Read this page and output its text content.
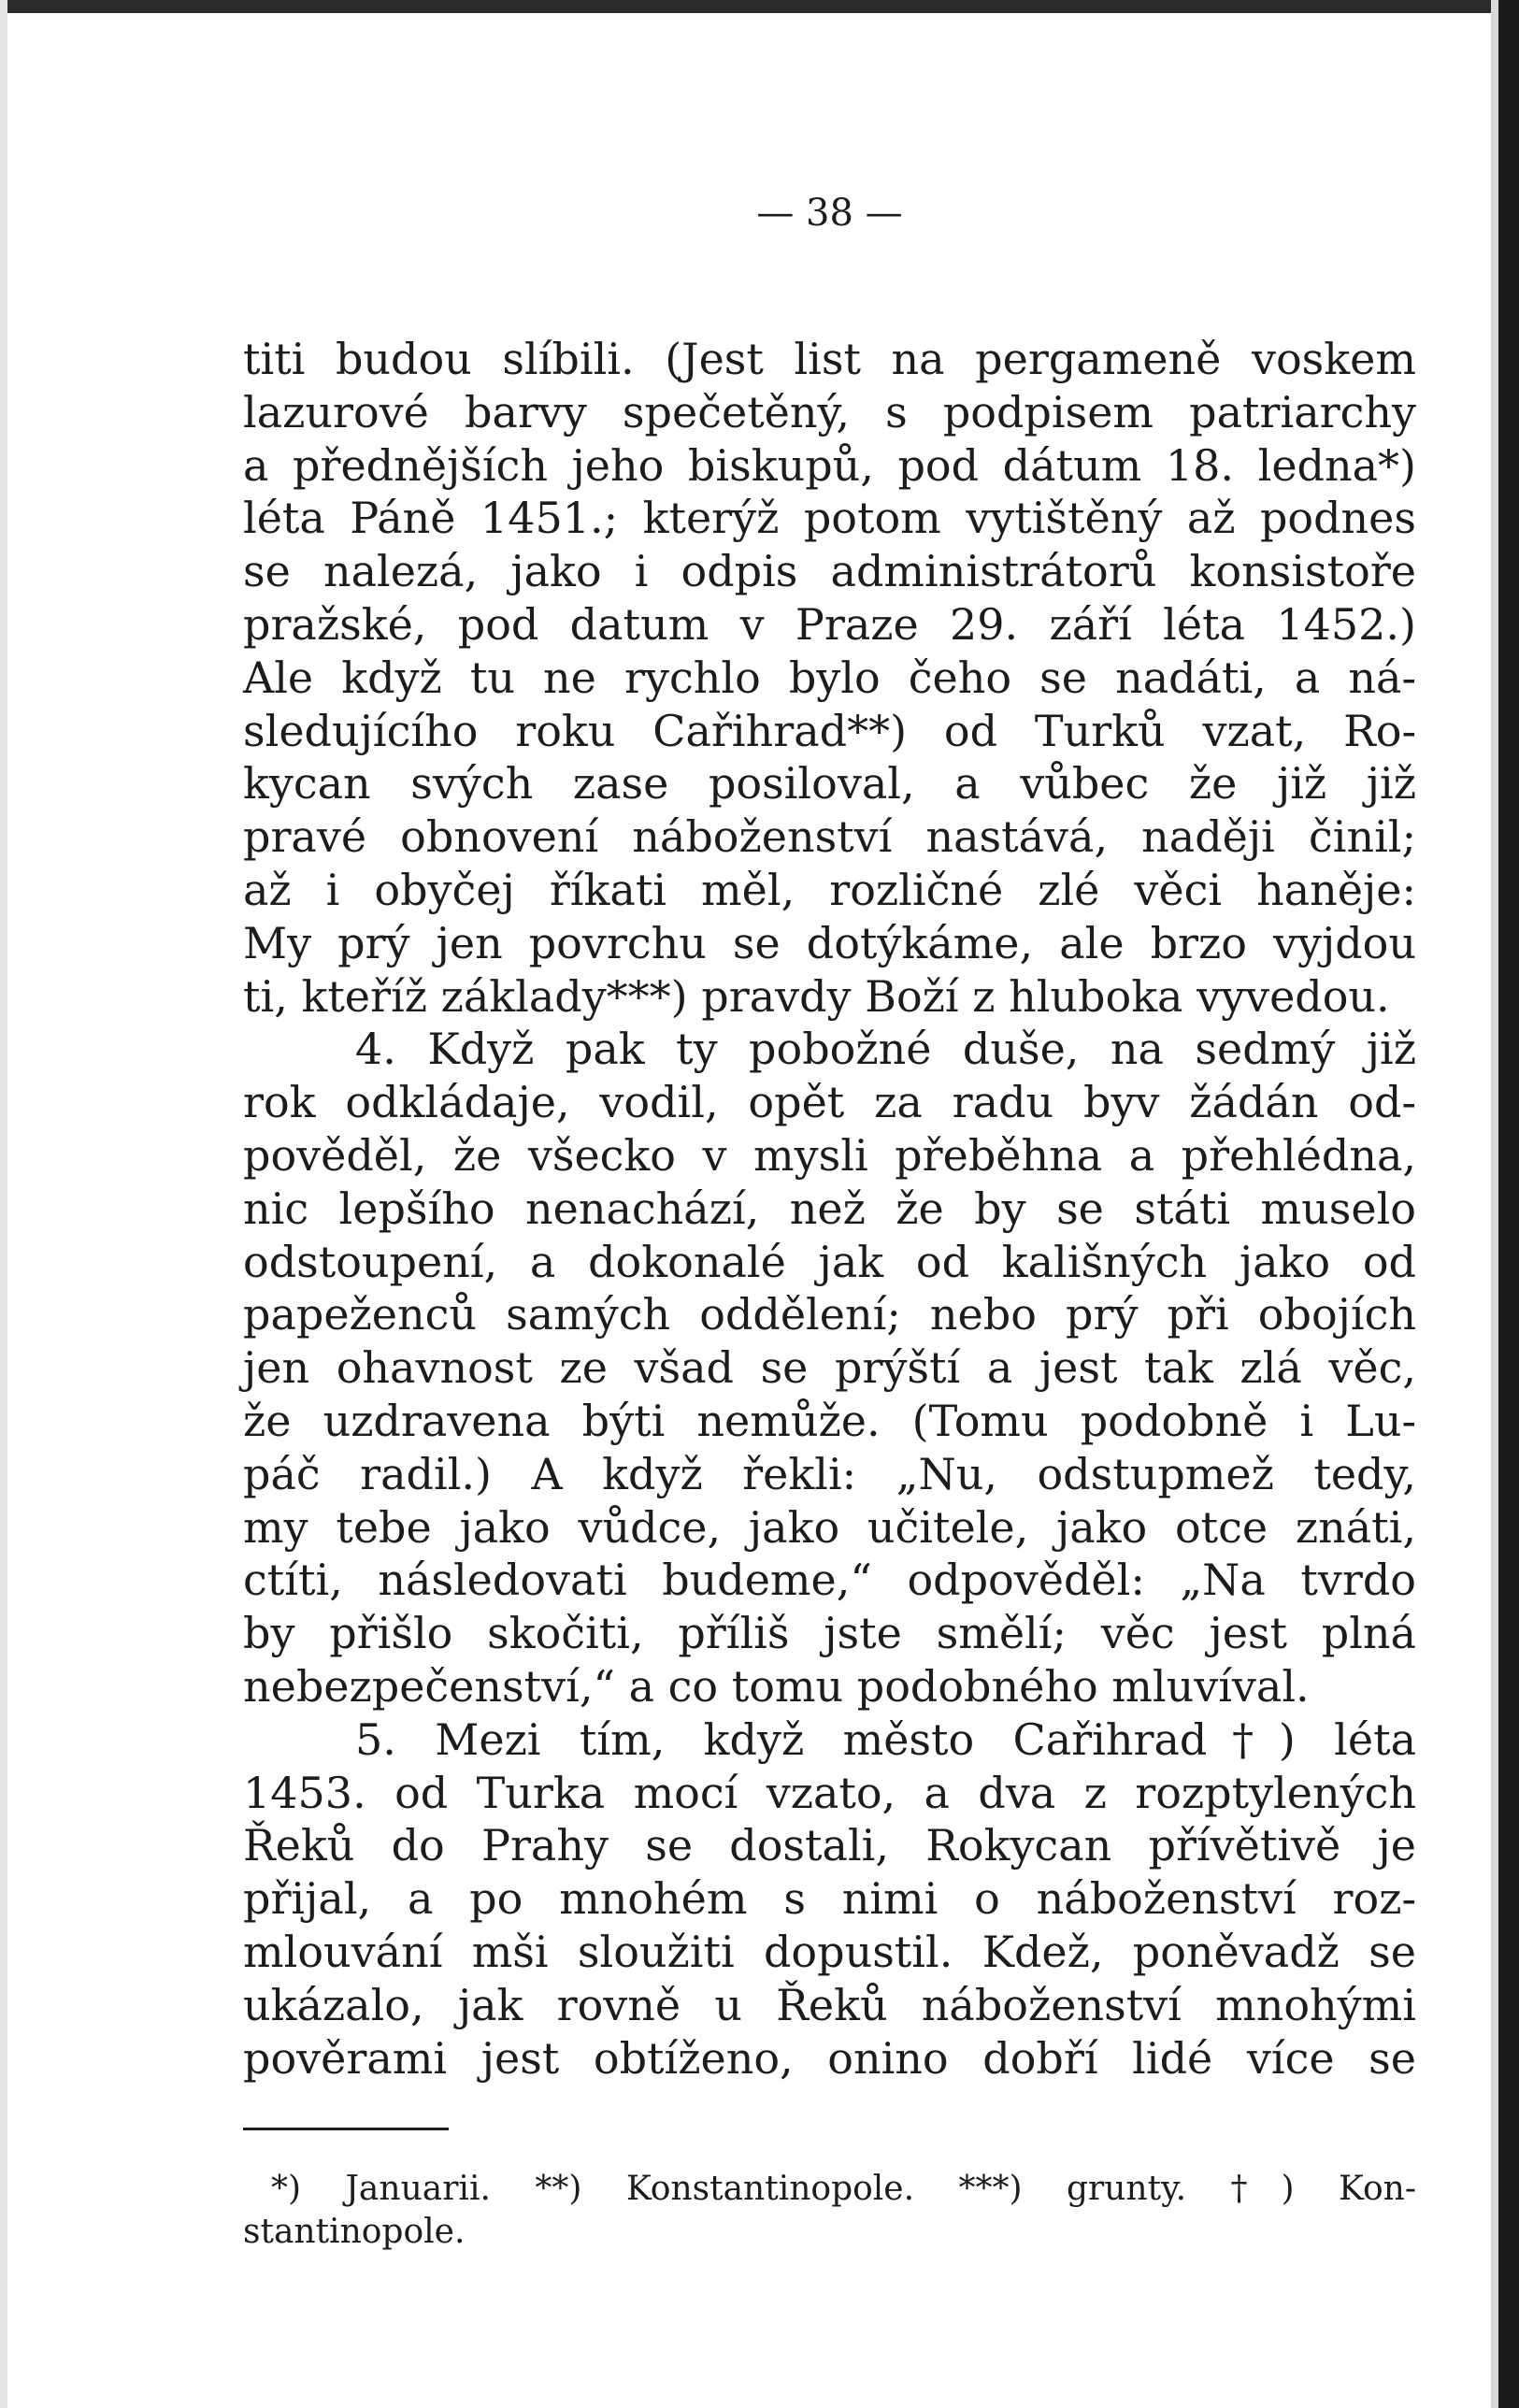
— 38 —
titi budou slíbili. (Jest list na pergameně voskem
lazurové barvy spečetěný, s podpisem patriarchy
a přednějších jeho biskupů, pod dátum 18. ledna*)
léta Páně 1451.; kterýž potom vytištěný až podnes
se nalezá, jako i odpis administrátorů konsistoře
pražské, pod datum v Praze 29. září léta 1452.)
Ale když tu ne rychlo bylo čeho se nadáti, a ná-
sledujícího roku Cařihrad**) od Turků vzat, Ro-
kycan svých zase posiloval, a vůbec že již již
pravé obnovení náboženství nastává, naději činil;
až i obyčej říkati měl, rozličné zlé věci haněje:
My prý jen povrchu se dotýkáme, ale brzo vyjdou
ti, kteříž základy***) pravdy Boží z hluboka vyvedou.
4. Když pak ty pobožné duše, na sedmý již
rok odkládaje, vodil, opět za radu byv žádán od-
pověděl, že všecko v mysli přeběhna a přehlédna,
nic lepšího nenachází, než že by se státi muselo
odstoupení, a dokonalé jak od kališných jako od
papeženců samých oddělení; nebo prý při obojích
jen ohavnost ze všad se prýští a jest tak zlá věc,
že uzdravena býti nemůže. (Tomu podobně i Lu-
páč radil.) A když řekli: „Nu, odstupmež tedy,
my tebe jako vůdce, jako učitele, jako otce znáti,
ctíti, následovati budeme,“ odpověděl: „Na tvrdo
by přišlo skočiti, příliš jste smělí; věc jest plná
nebezpečenství,“ a co tomu podobného mluvíval.
5. Mezi tím, když město Cařihrad†) léta
1453. od Turka mocí vzato, a dva z rozptylených
Řeků do Prahy se dostali, Rokycan přívětivě je
přijal, a po mnohém s nimi o náboženství roz-
mlouvání mši sloužiti dopustil. Kdež, poněvadž se
ukázalo, jak rovně u Řeků náboženství mnohými
pověrami jest obtíženo, onino dobří lidé více se
*) Januarii. **) Konstantinopole. ***) grunty. †) Kon-
stantinopole.
